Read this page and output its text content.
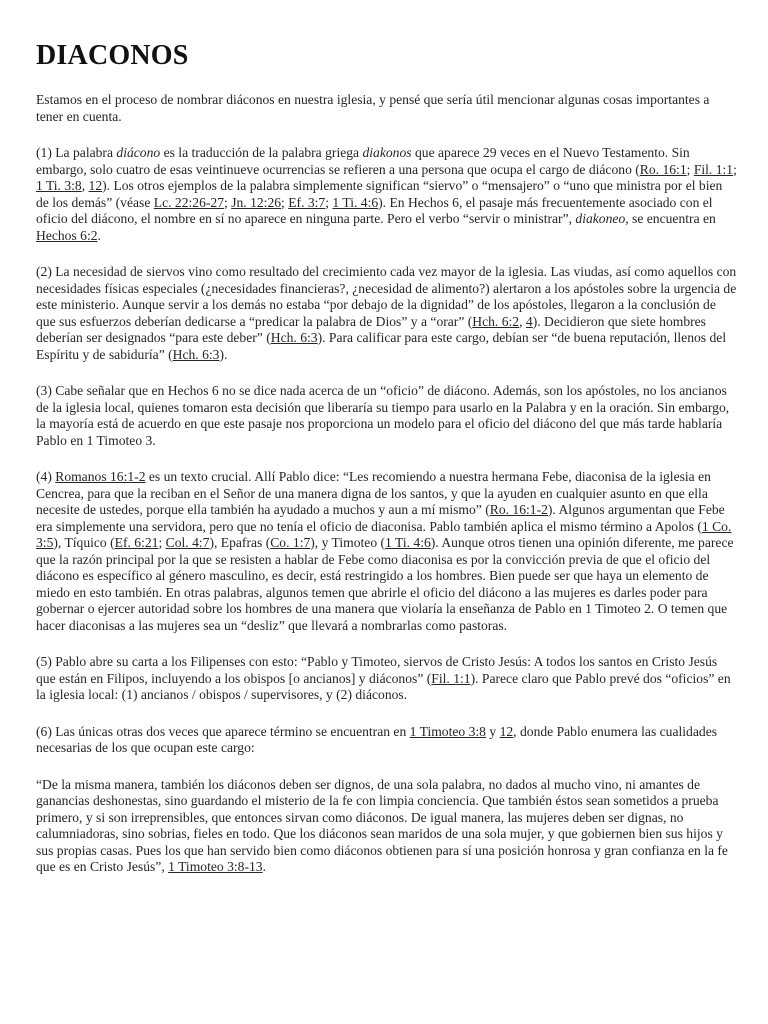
DIACONOS

Estamos en el proceso de nombrar diáconos en nuestra iglesia, y pensé que sería útil mencionar algunas cosas importantes a tener en cuenta.

(1) La palabra diácono es la traducción de la palabra griega diakonos que aparece 29 veces en el Nuevo Testamento. Sin embargo, solo cuatro de esas veintinueve ocurrencias se refieren a una persona que ocupa el cargo de diácono (Ro. 16:1; Fil. 1:1; 1 Ti. 3:8, 12). Los otros ejemplos de la palabra simplemente significan “siervo” o “mensajero” o “uno que ministra por el bien de los demás” (véase Lc. 22:26-27; Jn. 12:26; Ef. 3:7; 1 Ti. 4:6). En Hechos 6, el pasaje más frecuentemente asociado con el oficio del diácono, el nombre en sí no aparece en ninguna parte. Pero el verbo “servir o ministrar”, diakoneo, se encuentra en Hechos 6:2.

(2) La necesidad de siervos vino como resultado del crecimiento cada vez mayor de la iglesia. Las viudas, así como aquellos con necesidades físicas especiales (¿necesidades financieras?, ¿necesidad de alimento?) alertaron a los apóstoles sobre la urgencia de este ministerio. Aunque servir a los demás no estaba “por debajo de la dignidad” de los apóstoles, llegaron a la conclusión de que sus esfuerzos deberían dedicarse a “predicar la palabra de Dios” y a “orar” (Hch. 6:2, 4). Decidieron que siete hombres deberían ser designados “para este deber” (Hch. 6:3). Para calificar para este cargo, debían ser “de buena reputación, llenos del Espíritu y de sabiduría” (Hch. 6:3).

(3) Cabe señalar que en Hechos 6 no se dice nada acerca de un “oficio” de diácono. Además, son los apóstoles, no los ancianos de la iglesia local, quienes tomaron esta decisión que liberaría su tiempo para usarlo en la Palabra y en la oración. Sin embargo, la mayoría está de acuerdo en que este pasaje nos proporciona un modelo para el oficio del diácono del que más tarde hablaría Pablo en 1 Timoteo 3.

(4) Romanos 16:1-2 es un texto crucial. Allí Pablo dice: “Les recomiendo a nuestra hermana Febe, diaconisa de la iglesia en Cencrea, para que la reciban en el Señor de una manera digna de los santos, y que la ayuden en cualquier asunto en que ella necesite de ustedes, porque ella también ha ayudado a muchos y aun a mí mismo” (Ro. 16:1-2). Algunos argumentan que Febe era simplemente una servidora, pero que no tenía el oficio de diaconisa. Pablo también aplica el mismo término a Apolos (1 Co. 3:5), Tíquico (Ef. 6:21; Col. 4:7), Epafras (Co. 1:7), y Timoteo (1 Ti. 4:6). Aunque otros tienen una opinión diferente, me parece que la razón principal por la que se resisten a hablar de Febe como diaconisa es por la convicción previa de que el oficio del diácono es específico al género masculino, es decir, está restringido a los hombres. Bien puede ser que haya un elemento de miedo en esto también. En otras palabras, algunos temen que abrirle el oficio del diácono a las mujeres es darles poder para gobernar o ejercer autoridad sobre los hombres de una manera que violaría la enseñanza de Pablo en 1 Timoteo 2. O temen que hacer diaconisas a las mujeres sea un “desliz” que llevará a nombrarlas como pastoras.

(5) Pablo abre su carta a los Filipenses con esto: “Pablo y Timoteo, siervos de Cristo Jesús: A todos los santos en Cristo Jesús que están en Filipos, incluyendo a los obispos [o ancianos] y diáconos” (Fil. 1:1). Parece claro que Pablo prevé dos “oficios” en la iglesia local: (1) ancianos / obispos / supervisores, y (2) diáconos.

(6) Las únicas otras dos veces que aparece término se encuentran en 1 Timoteo 3:8 y 12, donde Pablo enumera las cualidades necesarias de los que ocupan este cargo:

“De la misma manera, también los diáconos deben ser dignos, de una sola palabra, no dados al mucho vino, ni amantes de ganancias deshonestas, sino guardando el misterio de la fe con limpia conciencia. Que también éstos sean sometidos a prueba primero, y si son irreprensibles, que entonces sirvan como diáconos. De igual manera, las mujeres deben ser dignas, no calumniadoras, sino sobrias, fieles en todo. Que los diáconos sean maridos de una sola mujer, y que gobiernen bien sus hijos y sus propias casas. Pues los que han servido bien como diáconos obtienen para sí una posición honrosa y gran confianza en la fe que es en Cristo Jesús”, 1 Timoteo 3:8-13.
